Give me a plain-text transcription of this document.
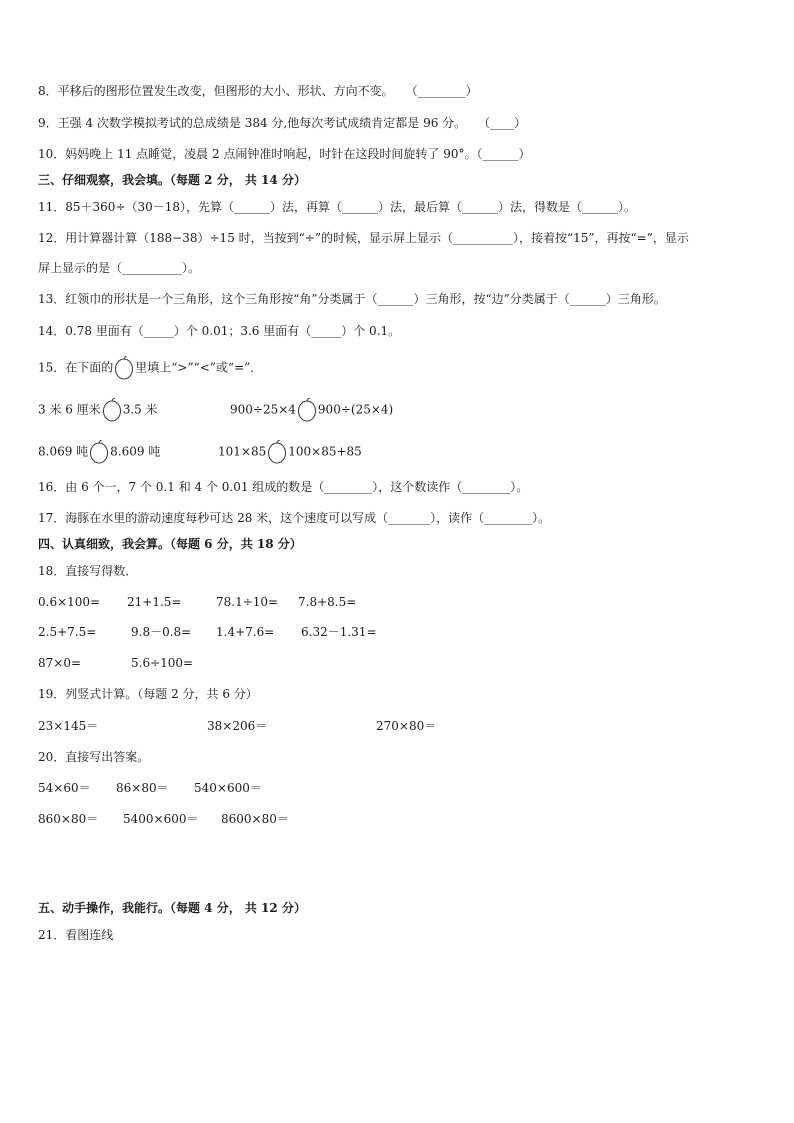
8．平移后的图形位置发生改变，但图形的大小、形状、方向不变。　　（________）
9．王强 4 次数学模拟考试的总成绩是 384 分,他每次考试成绩肯定都是 96 分。　　（____）
10．妈妈晚上 11 点睡觉，凌晨 2 点闹钟准时响起，时针在这段时间旋转了 90°。（______）
三、仔细观察，我会填。（每题 2 分， 共 14 分）
11．85＋360÷（30－18），先算（______）法，再算（______）法，最后算（______）法，得数是（______）。
12．用计算器计算（188−38）÷15 时，当按到“÷”的时候，显示屏上显示（__________），接着按“15”，再按“=”，显示
屏上显示的是（__________）。
13．红领巾的形状是一个三角形，这个三角形按“角”分类属于（______）三角形，按“边”分类属于（______）三角形。
14．0.78 里面有（_____）个 0.01；3.6 里面有（_____）个 0.1。
15．在下面的 里填上“>”“<”或“=”．
3 米 6 厘米 3.5 米	900÷25×4 900÷(25×4)
8.069 吨 8.609 吨	101×85 100×85+85
16．由 6 个一，7 个 0.1 和 4 个 0.01 组成的数是（________），这个数读作（________）。
17．海豚在水里的游动速度每秒可达 28 米，这个速度可以写成（_______），读作（________）。
四、认真细致，我会算。（每题 6 分，共 18 分）
18．直接写得数．
0.6×100= 21+1.5=	78.1÷10= 7.8+8.5=
2.5+7.5=	9.8－0.8= 1.4+7.6= 6.32－1.31=
87×0=	5.6÷100=
19．列竖式计算。（每题 2 分，共 6 分）
23×145＝	38×206＝	270×80＝
20．直接写出答案。
54×60＝ 86×80＝ 540×600＝
860×80＝ 5400×600＝ 8600×80＝
五、动手操作，我能行。（每题 4 分， 共 12 分）
21．看图连线
